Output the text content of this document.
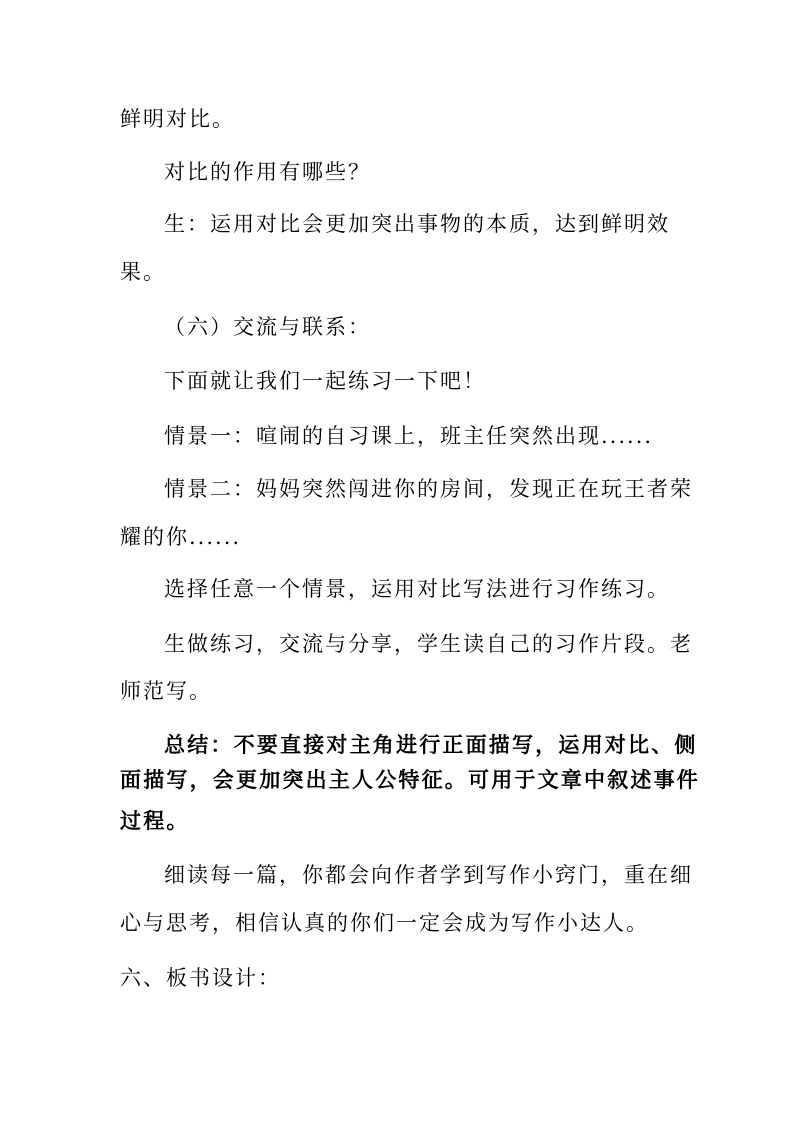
鲜明对比。

对比的作用有哪些？

生：运用对比会更加突出事物的本质，达到鲜明效

果。

（六）交流与联系：

下面就让我们一起练习一下吧！

情景一：喧闹的自习课上，班主任突然出现......

情景二：妈妈突然闯进你的房间，发现正在玩王者荣

耀的你......

选择任意一个情景，运用对比写法进行习作练习。

生做练习，交流与分享，学生读自己的习作片段。老

师范写。

总结：不要直接对主角进行正面描写，运用对比、侧

面描写，会更加突出主人公特征。可用于文章中叙述事件

过程。

细读每一篇，你都会向作者学到写作小窍门，重在细

心与思考，相信认真的你们一定会成为写作小达人。

六、板书设计：
